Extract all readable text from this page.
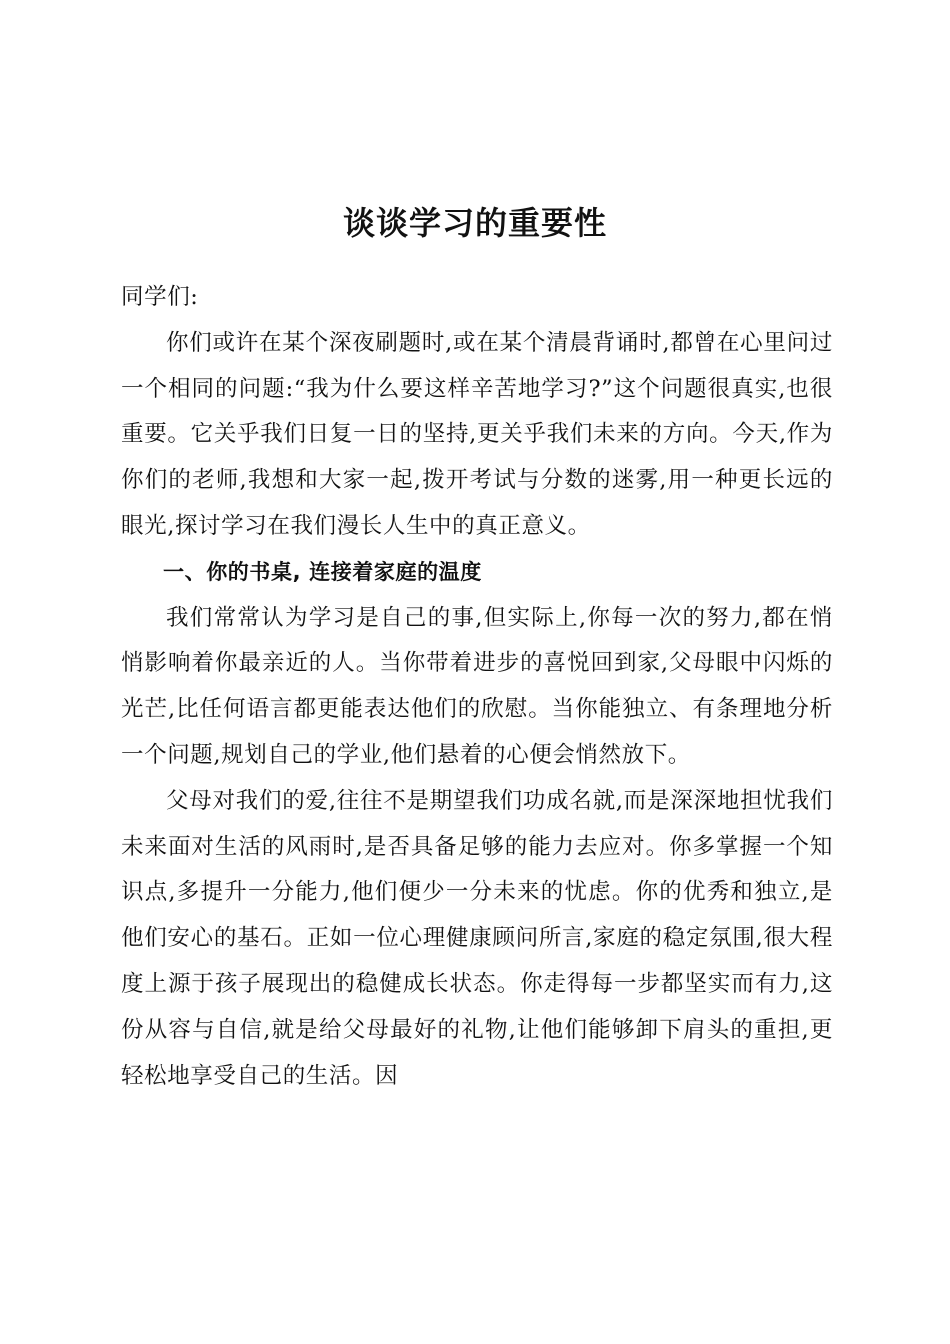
谈谈学习的重要性

同学们:

你们或许在某个深夜刷题时,或在某个清晨背诵时,都曾在心里问过一个相同的问题:“我为什么要这样辛苦地学习?”这个问题很真实,也很重要。它关乎我们日复一日的坚持,更关乎我们未来的方向。今天,作为你们的老师,我想和大家一起,拨开考试与分数的迷雾,用一种更长远的眼光,探讨学习在我们漫长人生中的真正意义。

一、你的书桌, 连接着家庭的温度

我们常常认为学习是自己的事,但实际上,你每一次的努力,都在悄悄影响着你最亲近的人。当你带着进步的喜悦回到家,父母眼中闪烁的光芒,比任何语言都更能表达他们的欣慰。当你能独立、有条理地分析一个问题,规划自己的学业,他们悬着的心便会悄然放下。

父母对我们的爱,往往不是期望我们功成名就,而是深深地担忧我们未来面对生活的风雨时,是否具备足够的能力去应对。你多掌握一个知识点,多提升一分能力,他们便少一分未来的忧虑。你的优秀和独立,是他们安心的基石。正如一位心理健康顾问所言,家庭的稳定氛围,很大程度上源于孩子展现出的稳健成长状态。你走得每一步都坚实而有力,这份从容与自信,就是给父母最好的礼物,让他们能够卸下肩头的重担,更轻松地享受自己的生活。因
